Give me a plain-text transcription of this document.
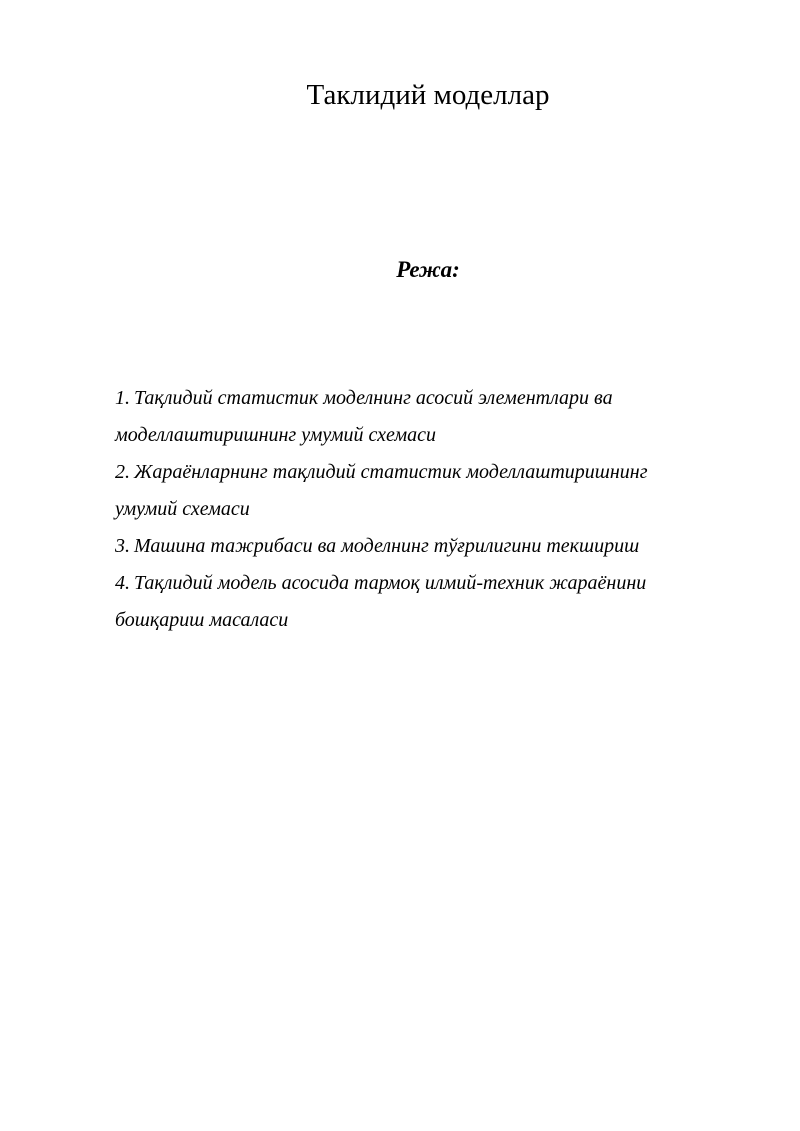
Таклидий моделлар
Режа:
1. Тақлидий статистик моделнинг асосий элементлари ва
моделлаштиришнинг умумий схемаси
2. Жараёнларнинг тақлидий статистик моделлаштиришнинг
умумий схемаси
3. Машина тажрибаси ва моделнинг тўғрилигини текшириш
4. Тақлидий модель асосида тармоқ илмий-техник жараёнини
бошқариш масаласи
